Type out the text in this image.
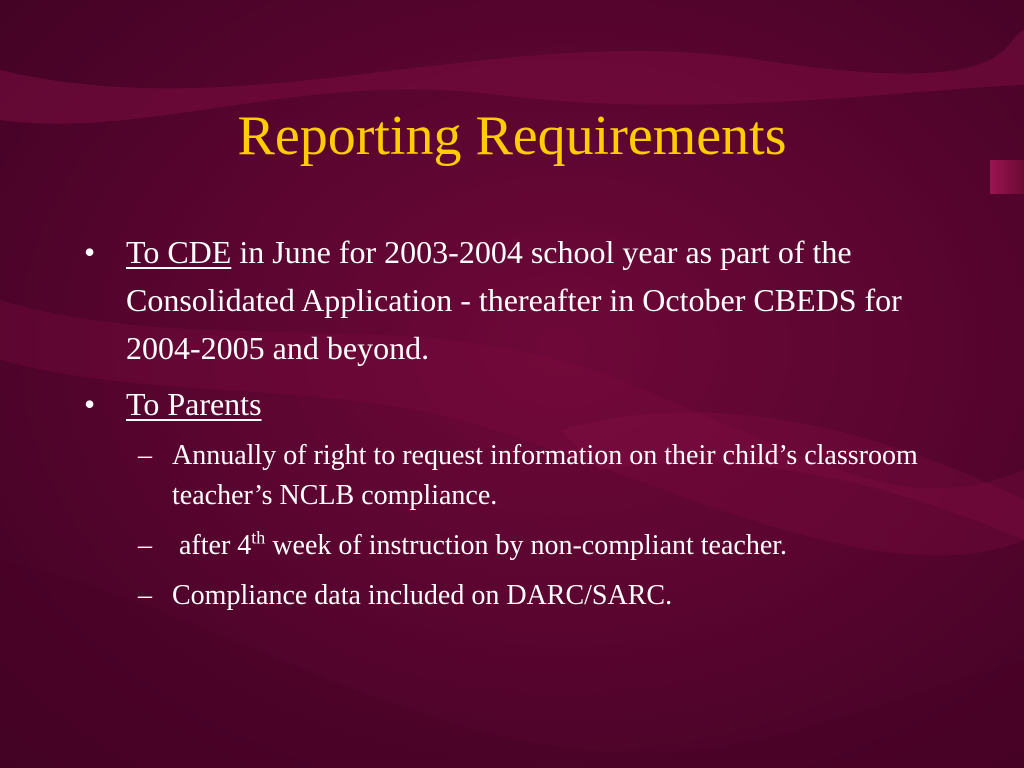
Reporting Requirements
• To CDE in June for 2003-2004 school year as part of the Consolidated Application - thereafter in October CBEDS for 2004-2005 and beyond.
• To Parents
– Annually of right to request information on their child’s classroom teacher’s NCLB compliance.
– after 4th week of instruction by non-compliant teacher.
– Compliance data included on DARC/SARC.
